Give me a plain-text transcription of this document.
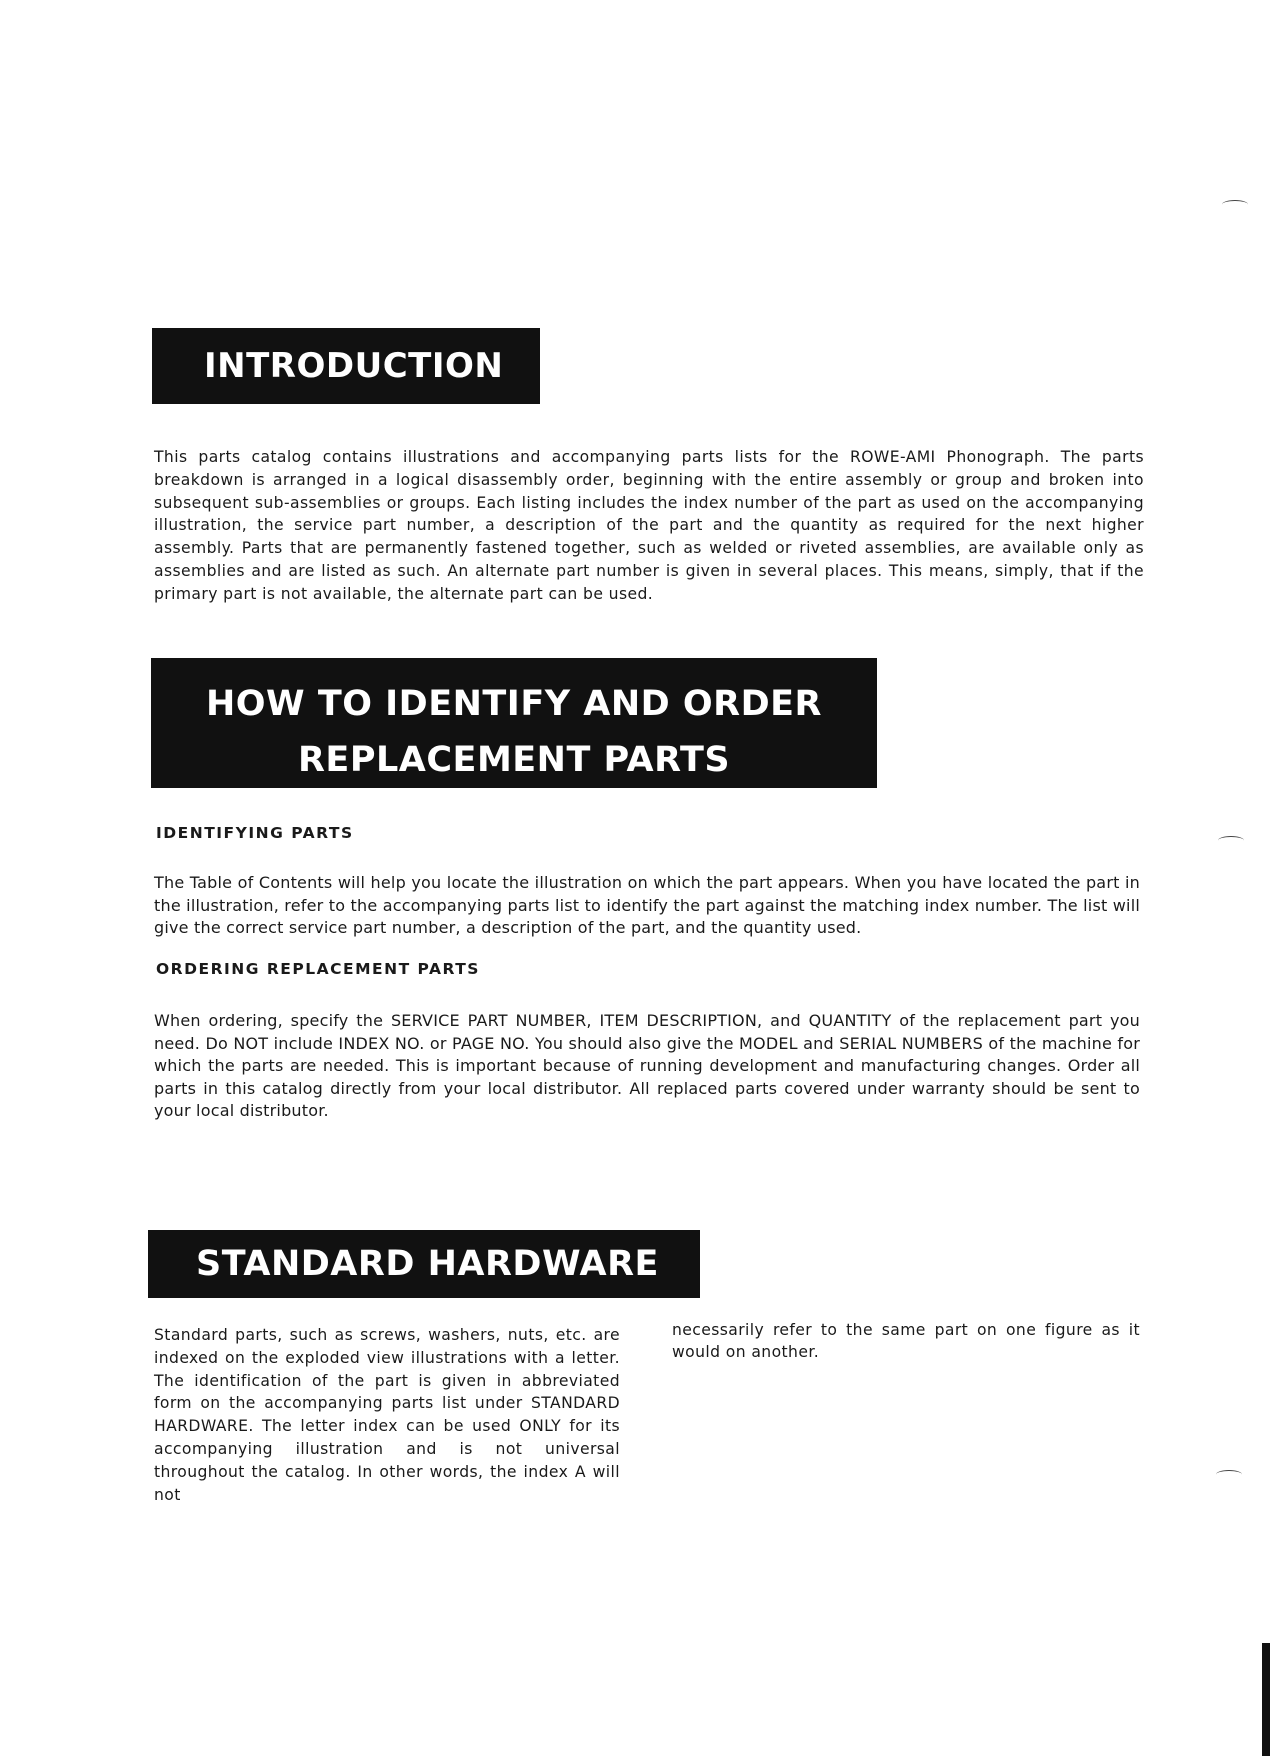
INTRODUCTION

This parts catalog contains illustrations and accompanying parts lists for the ROWE-AMI Phonograph. The parts breakdown is arranged in a logical disassembly order, beginning with the entire assembly or group and broken into subsequent sub-assemblies or groups. Each listing includes the index number of the part as used on the accompanying illustration, the service part number, a description of the part and the quantity as required for the next higher assembly. Parts that are permanently fastened together, such as welded or riveted assemblies, are available only as assemblies and are listed as such. An alternate part number is given in several places. This means, simply, that if the primary part is not available, the alternate part can be used.

HOW TO IDENTIFY AND ORDER
REPLACEMENT PARTS
IDENTIFYING PARTS

The Table of Contents will help you locate the illustration on which the part appears. When you have located the part in the illustration, refer to the accompanying parts list to identify the part against the matching index number. The list will give the correct service part number, a description of the part, and the quantity used.

ORDERING REPLACEMENT PARTS

When ordering, specify the SERVICE PART NUMBER, ITEM DESCRIPTION, and QUANTITY of the replacement part you need. Do NOT include INDEX NO. or PAGE NO. You should also give the MODEL and SERIAL NUMBERS of the machine for which the parts are needed. This is important because of running development and manufacturing changes. Order all parts in this catalog directly from your local distributor. All replaced parts covered under warranty should be sent to your local distributor.

STANDARD HARDWARE

Standard parts, such as screws, washers, nuts, etc. are indexed on the exploded view illustrations with a letter. The identification of the part is given in abbreviated form on the accompanying parts list under STANDARD HARDWARE. The letter index can be used ONLY for its accompanying illustration and is not universal throughout the catalog. In other words, the index A will not

necessarily refer to the same part on one figure as it would on another.
